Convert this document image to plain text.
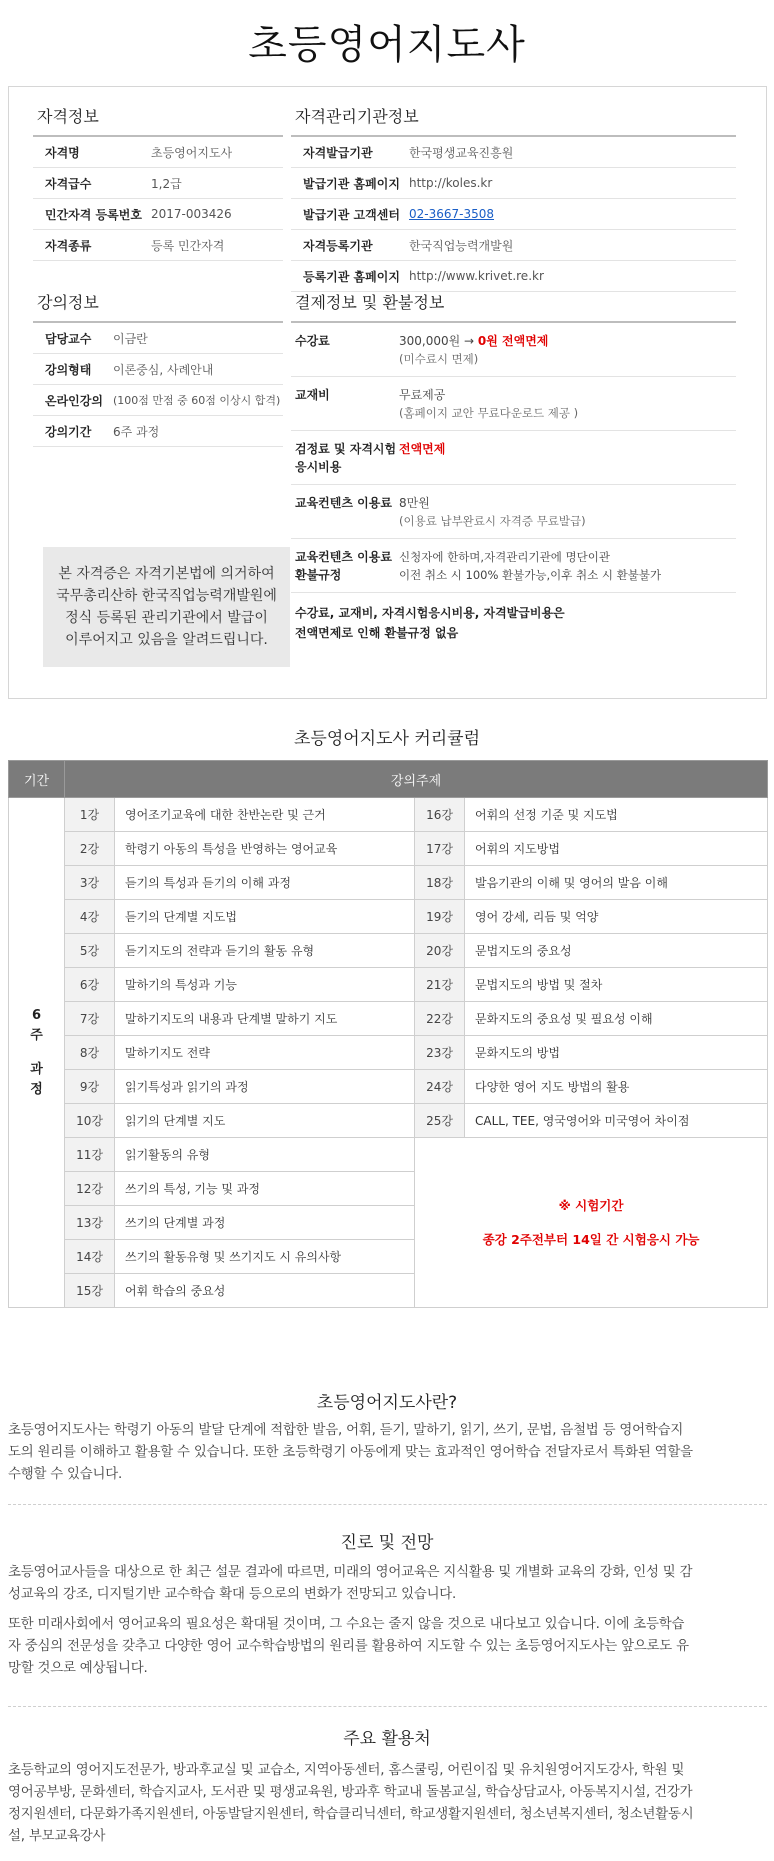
초등영어지도사
자격정보
자격명	초등영어지도사
자격급수	1,2급
민간자격 등록번호 2017-003426
자격종류	등록 민간자격
자격관리기관정보
자격발급기관	한국평생교육진흥원
발급기관 홈페이지 http://koles.kr
발급기관 고객센터 02-3667-3508
자격등록기관	한국직업능력개발원
등록기관 홈페이지 http://www.krivet.re.kr
강의정보
담당교수	이금란
강의형태	이론중심, 사례안내
온라인강의 (100점 만점 중 60점 이상시 합격)
강의기간	6주 과정
본 자격증은 자격기본법에 의거하여
국무총리산하 한국직업능력개발원에
정식 등록된 관리기관에서 발급이
이루어지고 있음을 알려드립니다.
결제정보 및 환불정보
수강료	300,000원 → 0원 전액면제
(미수료시 면제)
교재비	무료제공
(홈페이지 교안 무료다운로드 제공 )
검정료 및 자격시험 응시비용
전액면제
교육컨텐츠 이용료 8만원
(이용료 납부완료시 자격증 무료발급)
교육컨텐츠 이용료 환불규정
신청자에 한하며,자격관리기관에 명단이관
이전 취소 시 100% 환불가능,이후 취소 시 환불불가
수강료, 교재비, 자격시험응시비용, 자격발급비용은
전액면제로 인해 환불규정 없음
초등영어지도사 커리큘럼
기간	강의주제			

6
주
과
정	1강	영어조기교육에 대한 찬반논란 및 근거	16강	어휘의 선정 기준 및 지도법
	2강	학령기 아동의 특성을 반영하는 영어교육	17강	어휘의 지도방법
	3강	듣기의 특성과 듣기의 이해 과정	18강	발음기관의 이해 및 영어의 발음 이해
	4강	듣기의 단계별 지도법	19강	영어 강세, 리듬 및 억양
	5강	듣기지도의 전략과 듣기의 활동 유형	20강	문법지도의 중요성
	6강	말하기의 특성과 기능	21강	문법지도의 방법 및 절차
	7강	말하기지도의 내용과 단계별 말하기 지도	22강	문화지도의 중요성 및 필요성 이해
	8강	말하기지도 전략	23강	문화지도의 방법
	9강	읽기특성과 읽기의 과정	24강	다양한 영어 지도 방법의 활용
	10강	읽기의 단계별 지도	25강	CALL, TEE, 영국영어와 미국영어 차이점
	11강	읽기활동의 유형	※ 시험기간
종강 2주전부터 14일 간 시험응시 가능	

	12강	쓰기의 특성, 기능 및 과정		
	13강	쓰기의 단계별 과정		
	14강	쓰기의 활동유형 및 쓰기지도 시 유의사항		
	15강	어휘 학습의 중요성		
초등영어지도사란?
초등영어지도사는 학령기 아동의 발달 단계에 적합한 발음, 어휘, 듣기, 말하기, 읽기, 쓰기, 문법, 음철법 등 영어학습지
도의 원리를 이해하고 활용할 수 있습니다. 또한 초등학령기 아동에게 맞는 효과적인 영어학습 전달자로서 특화된 역할을
수행할 수 있습니다.
진로 및 전망
초등영어교사들을 대상으로 한 최근 설문 결과에 따르면, 미래의 영어교육은 지식활용 및 개별화 교육의 강화, 인성 및 감
성교육의 강조, 디지털기반 교수학습 확대 등으로의 변화가 전망되고 있습니다.
또한 미래사회에서 영어교육의 필요성은 확대될 것이며, 그 수요는 줄지 않을 것으로 내다보고 있습니다. 이에 초등학습
자 중심의 전문성을 갖추고 다양한 영어 교수학습방법의 원리를 활용하여 지도할 수 있는 초등영어지도사는 앞으로도 유
망할 것으로 예상됩니다.
주요 활용처
초등학교의 영어지도전문가, 방과후교실 및 교습소, 지역아동센터, 홈스쿨링, 어린이집 및 유치원영어지도강사, 학원 및
영어공부방, 문화센터, 학습지교사, 도서관 및 평생교육원, 방과후 학교내 돌봄교실, 학습상담교사, 아동복지시설, 건강가
정지원센터, 다문화가족지원센터, 아동발달지원센터, 학습클리닉센터, 학교생활지원센터, 청소년복지센터, 청소년활동시
설, 부모교육강사
